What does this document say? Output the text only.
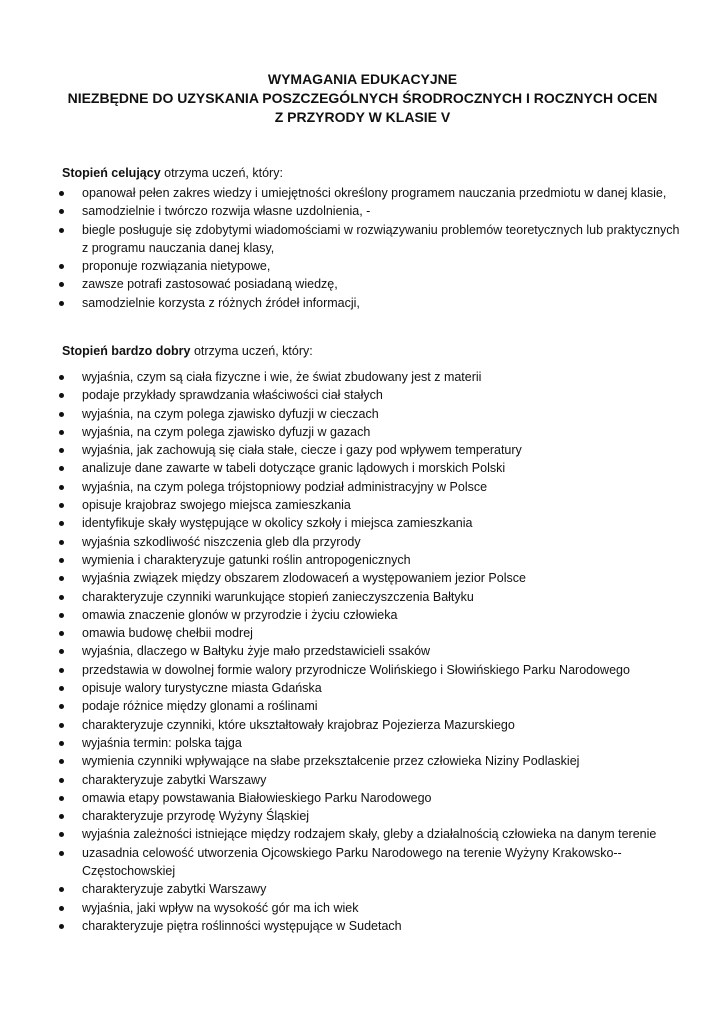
WYMAGANIA EDUKACYJNE
NIEZBĘDNE DO UZYSKANIA POSZCZEGÓLNYCH ŚRODROCZNYCH I ROCZNYCH OCEN
Z PRZYRODY W KLASIE V
Stopień celujący otrzyma uczeń, który:
opanował pełen zakres wiedzy i umiejętności określony programem nauczania przedmiotu w danej klasie,
samodzielnie i twórczo rozwija własne uzdolnienia, -
biegle posługuje się zdobytymi wiadomościami w rozwiązywaniu problemów teoretycznych lub praktycznych z programu nauczania danej klasy,
proponuje rozwiązania nietypowe,
zawsze potrafi zastosować posiadaną wiedzę,
samodzielnie korzysta z różnych źródeł informacji,
Stopień bardzo dobry otrzyma uczeń, który:
wyjaśnia, czym są ciała fizyczne i wie, że świat zbudowany jest z materii
podaje przykłady sprawdzania właściwości ciał stałych
wyjaśnia, na czym polega zjawisko dyfuzji w cieczach
wyjaśnia, na czym polega zjawisko dyfuzji w gazach
wyjaśnia, jak zachowują się ciała stałe, ciecze i gazy pod wpływem temperatury
analizuje dane zawarte w tabeli dotyczące granic lądowych i morskich Polski
wyjaśnia, na czym polega trójstopniowy podział administracyjny w Polsce
opisuje krajobraz swojego miejsca zamieszkania
identyfikuje skały występujące w okolicy szkoły i miejsca zamieszkania
wyjaśnia szkodliwość niszczenia gleb dla przyrody
wymienia i charakteryzuje gatunki roślin antropogenicznych
wyjaśnia związek między obszarem zlodowaceń a występowaniem jezior Polsce
charakteryzuje czynniki warunkujące stopień zanieczyszczenia Bałtyku
omawia znaczenie glonów w przyrodzie i życiu człowieka
omawia budowę chełbii modrej
wyjaśnia, dlaczego w Bałtyku żyje mało przedstawicieli ssaków
przedstawia w dowolnej formie walory przyrodnicze Wolińskiego i Słowińskiego Parku Narodowego
opisuje walory turystyczne miasta Gdańska
podaje różnice między glonami a roślinami
charakteryzuje czynniki, które ukształtowały krajobraz Pojezierza Mazurskiego
wyjaśnia termin: polska tajga
wymienia czynniki wpływające na słabe przekształcenie przez człowieka Niziny Podlaskiej
charakteryzuje zabytki Warszawy
omawia etapy powstawania Białowieskiego Parku Narodowego
charakteryzuje przyrodę Wyżyny Śląskiej
wyjaśnia zależności istniejące między rodzajem skały, gleby a działalnością człowieka na danym terenie
uzasadnia celowość utworzenia Ojcowskiego Parku Narodowego na terenie Wyżyny Krakowsko-- Częstochowskiej
charakteryzuje zabytki Warszawy
wyjaśnia, jaki wpływ na wysokość gór ma ich wiek
charakteryzuje piętra roślinności występujące w Sudetach
